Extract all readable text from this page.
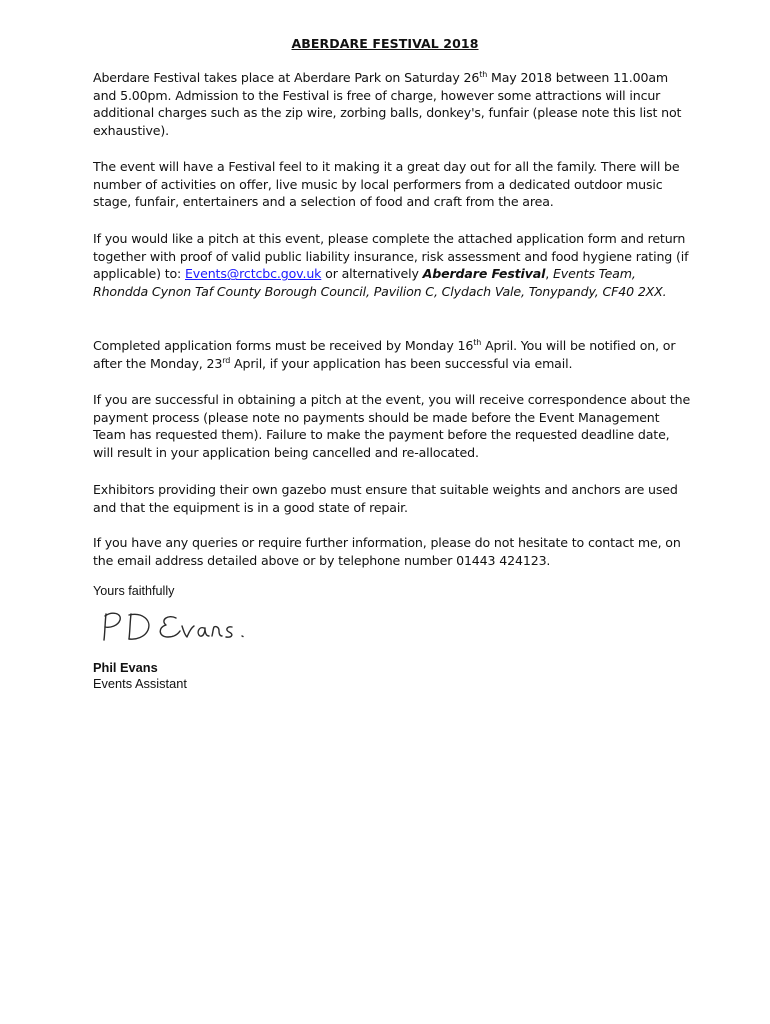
ABERDARE FESTIVAL 2018

Aberdare Festival takes place at Aberdare Park on Saturday 26th May 2018 between 11.00am and 5.00pm. Admission to the Festival is free of charge, however some attractions will incur additional charges such as the zip wire, zorbing balls, donkey's, funfair (please note this list not exhaustive).

The event will have a Festival feel to it making it a great day out for all the family. There will be number of activities on offer, live music by local performers from a dedicated outdoor music stage, funfair, entertainers and a selection of food and craft from the area.

If you would like a pitch at this event, please complete the attached application form and return together with proof of valid public liability insurance, risk assessment and food hygiene rating (if applicable) to: Events@rctcbc.gov.uk or alternatively Aberdare Festival, Events Team, Rhondda Cynon Taf County Borough Council, Pavilion C, Clydach Vale, Tonypandy, CF40 2XX.

Completed application forms must be received by Monday 16th April. You will be notified on, or after the Monday, 23rd April, if your application has been successful via email.

If you are successful in obtaining a pitch at the event, you will receive correspondence about the payment process (please note no payments should be made before the Event Management Team has requested them). Failure to make the payment before the requested deadline date, will result in your application being cancelled and re-allocated.

Exhibitors providing their own gazebo must ensure that suitable weights and anchors are used and that the equipment is in a good state of repair.

If you have any queries or require further information, please do not hesitate to contact me, on the email address detailed above or by telephone number 01443 424123.

Yours faithfully
Phil Evans
Events Assistant
